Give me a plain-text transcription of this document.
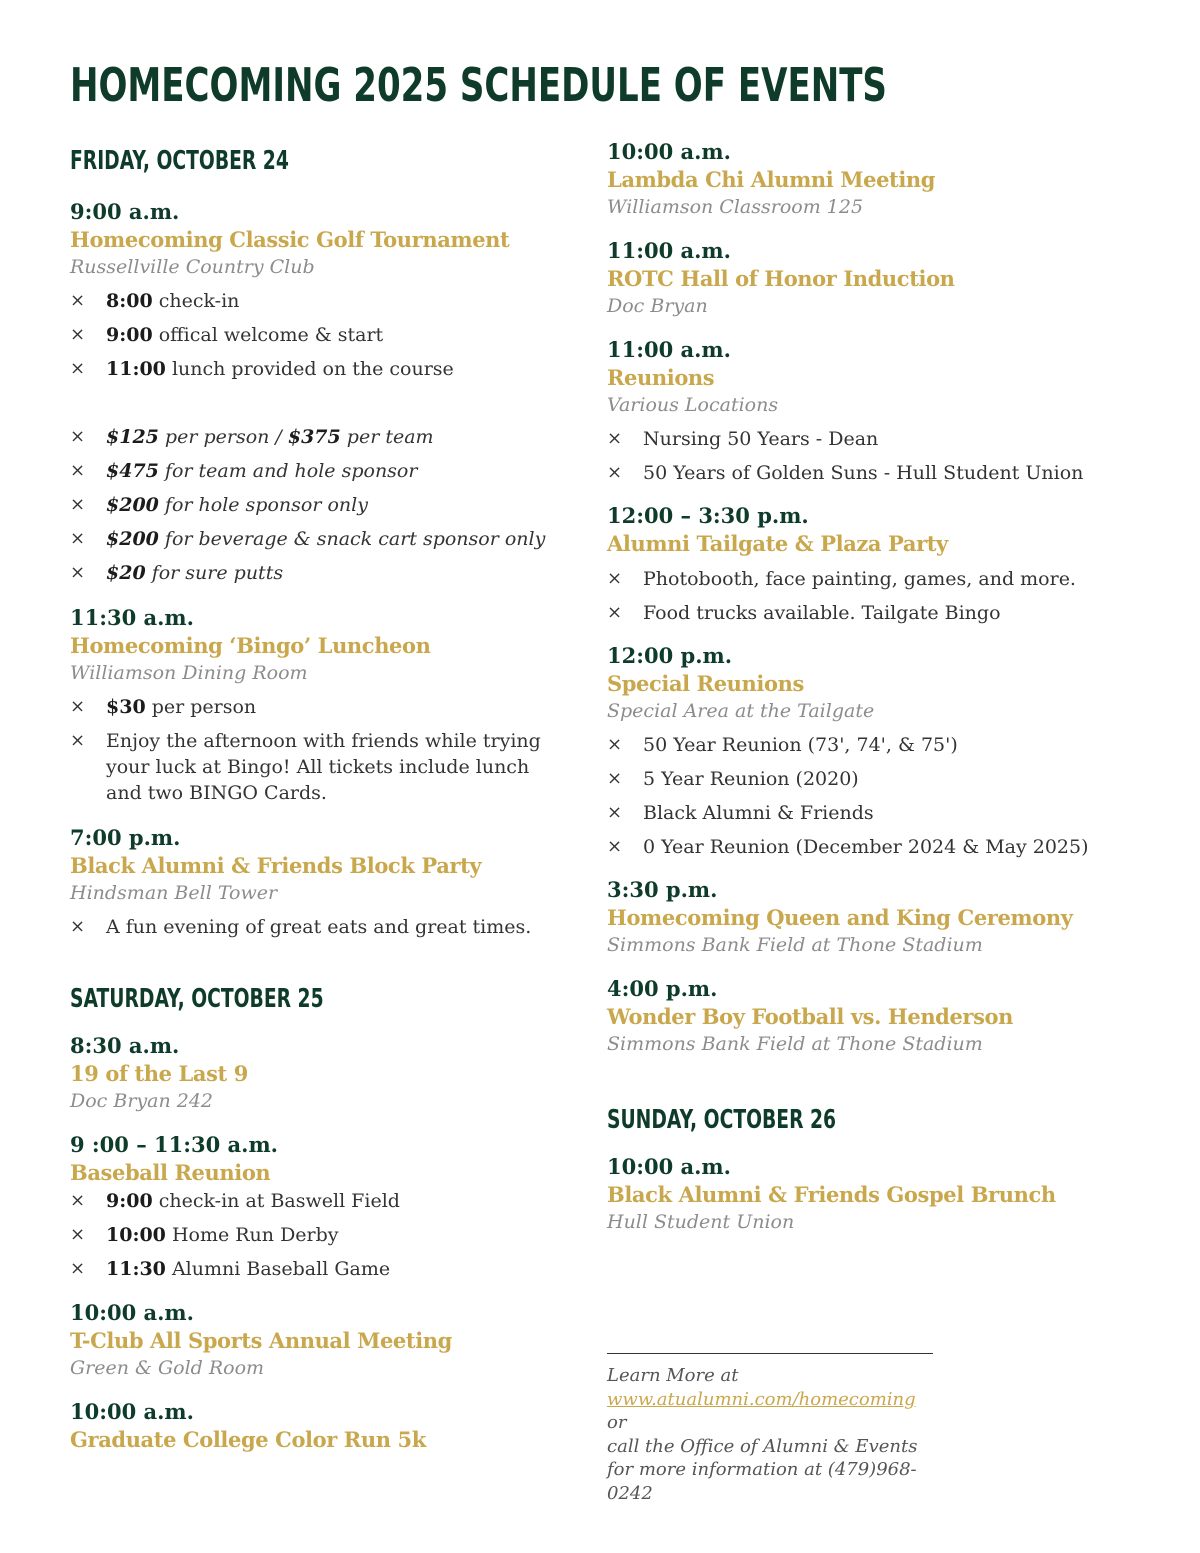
HOMECOMING 2025 SCHEDULE OF EVENTS
FRIDAY, OCTOBER 24
9:00 a.m.
Homecoming Classic Golf Tournament
Russellville Country Club
× 8:00 check-in
× 9:00 offical welcome & start
× 11:00 lunch provided on the course
× $125 per person / $375 per team
× $475 for team and hole sponsor
× $200 for hole sponsor only
× $200 for beverage & snack cart sponsor only
× $20 for sure putts
11:30 a.m.
Homecoming ‘Bingo’ Luncheon
Williamson Dining Room
× $30 per person
× Enjoy the afternoon with friends while trying your luck at Bingo! All tickets include lunch and two BINGO Cards.
7:00 p.m.
Black Alumni & Friends Block Party
Hindsman Bell Tower
× A fun evening of great eats and great times.
SATURDAY, OCTOBER 25
8:30 a.m.
19 of the Last 9
Doc Bryan 242
9 :00 – 11:30 a.m.
Baseball Reunion
× 9:00 check-in at Baswell Field
× 10:00 Home Run Derby
× 11:30 Alumni Baseball Game
10:00 a.m.
T-Club All Sports Annual Meeting
Green & Gold Room
10:00 a.m.
Graduate College Color Run 5k
10:00 a.m.
Lambda Chi Alumni Meeting
Williamson Classroom 125
11:00 a.m.
ROTC Hall of Honor Induction
Doc Bryan
11:00 a.m.
Reunions
Various Locations
× Nursing 50 Years - Dean
× 50 Years of Golden Suns - Hull Student Union
12:00 – 3:30 p.m.
Alumni Tailgate & Plaza Party
× Photobooth, face painting, games, and more.
× Food trucks available. Tailgate Bingo
12:00 p.m.
Special Reunions
Special Area at the Tailgate
× 50 Year Reunion (73', 74', & 75')
× 5 Year Reunion (2020)
× Black Alumni & Friends
× 0 Year Reunion (December 2024 & May 2025)
3:30 p.m.
Homecoming Queen and King Ceremony
Simmons Bank Field at Thone Stadium
4:00 p.m.
Wonder Boy Football vs. Henderson
Simmons Bank Field at Thone Stadium
SUNDAY, OCTOBER 26
10:00 a.m.
Black Alumni & Friends Gospel Brunch
Hull Student Union
Learn More at
www.atualumni.com/homecoming or
call the Office of Alumni & Events for more information at (479)968-0242
